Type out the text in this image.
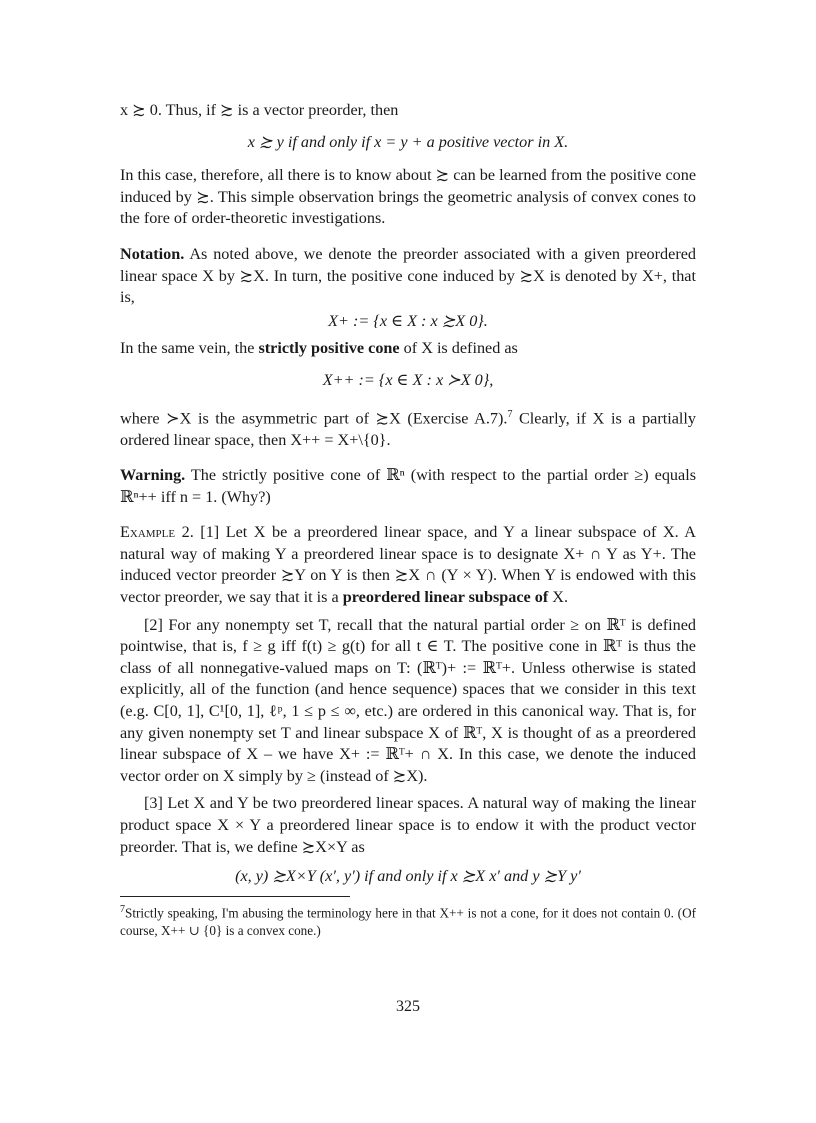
x ≿ 0. Thus, if ≿ is a vector preorder, then

x ≿ y if and only if x = y + a positive vector in X.

In this case, therefore, all there is to know about ≿ can be learned from the positive cone induced by ≿. This simple observation brings the geometric analysis of convex cones to the fore of order-theoretic investigations.

Notation. As noted above, we denote the preorder associated with a given preordered linear space X by ≿X. In turn, the positive cone induced by ≿X is denoted by X+, that is,

X+ := {x ∈ X : x ≿X 0}.

In the same vein, the strictly positive cone of X is defined as

X++ := {x ∈ X : x ≻X 0},

where ≻X is the asymmetric part of ≿X (Exercise A.7).$^7$ Clearly, if X is a partially ordered linear space, then X++ = X+\{0}.

Warning. The strictly positive cone of ℝⁿ (with respect to the partial order ≥) equals ℝⁿ++ iff n = 1. (Why?)

Example 2. [1] Let X be a preordered linear space, and Y a linear subspace of X. A natural way of making Y a preordered linear space is to designate X+ ∩ Y as Y+. The induced vector preorder ≿Y on Y is then ≿X ∩ (Y × Y). When Y is endowed with this vector preorder, we say that it is a preordered linear subspace of X.

[2] For any nonempty set T, recall that the natural partial order ≥ on ℝᵀ is defined pointwise, that is, f ≥ g iff f(t) ≥ g(t) for all t ∈ T. The positive cone in ℝᵀ is thus the class of all nonnegative-valued maps on T: (ℝᵀ)+ := ℝᵀ+. Unless otherwise is stated explicitly, all of the function (and hence sequence) spaces that we consider in this text (e.g. C[0, 1], C¹[0, 1], ℓᵖ, 1 ≤ p ≤ ∞, etc.) are ordered in this canonical way. That is, for any given nonempty set T and linear subspace X of ℝᵀ, X is thought of as a preordered linear subspace of X – we have X+ := ℝᵀ+ ∩ X. In this case, we denote the induced vector order on X simply by ≥ (instead of ≿X).

[3] Let X and Y be two preordered linear spaces. A natural way of making the linear product space X × Y a preordered linear space is to endow it with the product vector preorder. That is, we define ≿X×Y as

(x, y) ≿X×Y (x′, y′) if and only if x ≿X x′ and y ≿Y y′

$^7$Strictly speaking, I'm abusing the terminology here in that X++ is not a cone, for it does not contain 0. (Of course, X++ ∪ {0} is a convex cone.)

325
